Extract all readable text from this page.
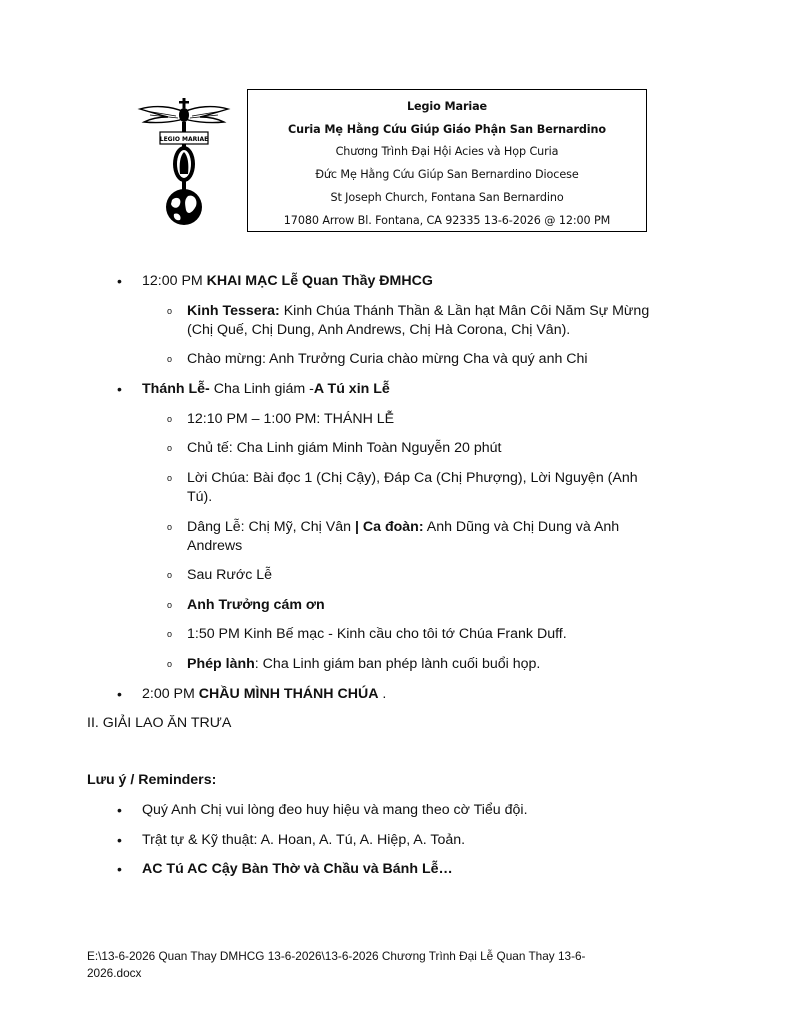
LEGIO MARIAE
Legio Mariae
Curia Mẹ Hằng Cứu Giúp Giáo Phận San Bernardino
Chương Trình Đại Hội Acies và Họp Curia
Đức Mẹ Hằng Cứu Giúp San Bernardino Diocese
St Joseph Church, Fontana San Bernardino
17080 Arrow Bl. Fontana, CA 92335 13-6-2026 @ 12:00 PM
• 12:00 PM KHAI MẠC Lễ Quan Thầy ĐMHCG
o Kinh Tessera: Kinh Chúa Thánh Thần & Lần hạt Mân Côi Năm Sự Mừng
(Chị Quế, Chị Dung, Anh Andrews, Chị Hà Corona, Chị Vân).
o Chào mừng: Anh Trưởng Curia chào mừng Cha và quý anh Chi
• Thánh Lễ- Cha Linh giám -A Tú xin Lễ
o 12:10 PM – 1:00 PM: THÁNH LỄ
o Chủ tế: Cha Linh giám Minh Toàn Nguyễn 20 phút
o Lời Chúa: Bài đọc 1 (Chị Cậy), Đáp Ca (Chị Phượng), Lời Nguyện (Anh
Tú).
o Dâng Lễ: Chị Mỹ, Chị Vân | Ca đoàn: Anh Dũng và Chị Dung và Anh
Andrews
o Sau Rước Lễ
o Anh Trưởng cám ơn
o 1:50 PM Kinh Bế mạc - Kinh cầu cho tôi tớ Chúa Frank Duff.
o Phép lành: Cha Linh giám ban phép lành cuối buổi họp.
• 2:00 PM CHẦU MÌNH THÁNH CHÚA .
II. GIẢI LAO ĂN TRƯA
Lưu ý / Reminders:
• Quý Anh Chị vui lòng đeo huy hiệu và mang theo cờ Tiểu đội.
• Trật tự & Kỹ thuật: A. Hoan, A. Tú, A. Hiệp, A. Toản.
• AC Tú AC Cậy Bàn Thờ và Chầu và Bánh Lễ…
E:\13-6-2026 Quan Thay DMHCG 13-6-2026\13-6-2026 Chương Trình Đại Lễ Quan Thay 13-6-
2026.docx
